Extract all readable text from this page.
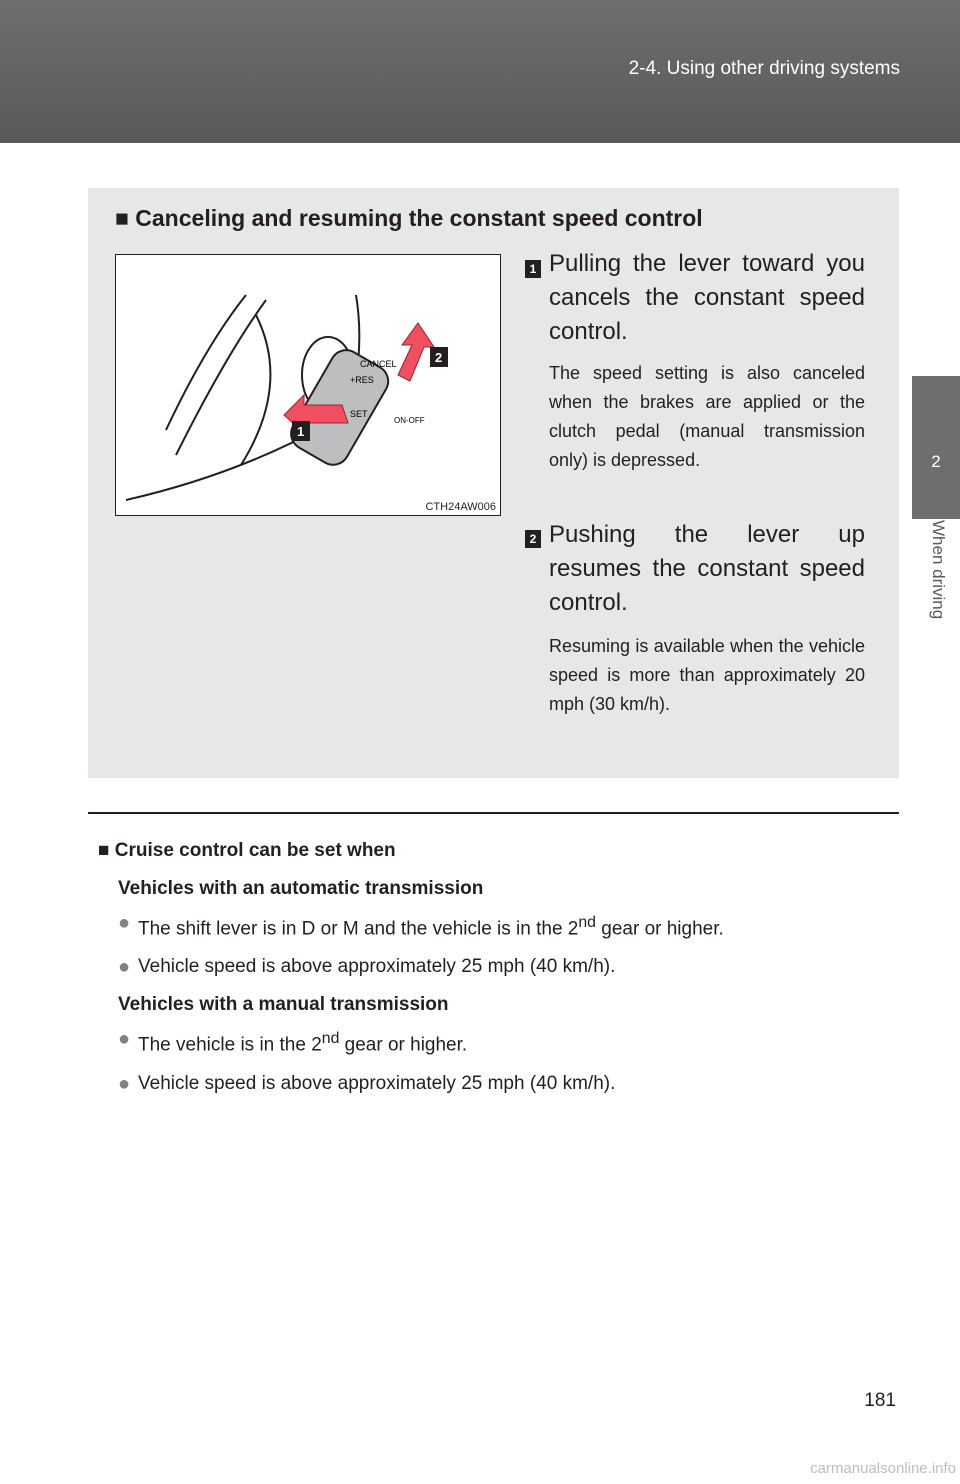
2-4. Using other driving systems
2
When driving
■ Canceling and resuming the constant speed control
CANCEL
+RES
SET
ON-OFF
1
2
CTH24AW006
1 Pulling the lever toward you cancels the constant speed control.
The speed setting is also canceled when the brakes are applied or the clutch pedal (manual transmission only) is depressed.
2 Pushing the lever up resumes the constant speed control.
Resuming is available when the vehicle speed is more than approximately 20 mph (30 km/h).
■ Cruise control can be set when
Vehicles with an automatic transmission
● The shift lever is in D or M and the vehicle is in the 2nd gear or higher.
● Vehicle speed is above approximately 25 mph (40 km/h).
Vehicles with a manual transmission
● The vehicle is in the 2nd gear or higher.
● Vehicle speed is above approximately 25 mph (40 km/h).
181
carmanualsonline.info
